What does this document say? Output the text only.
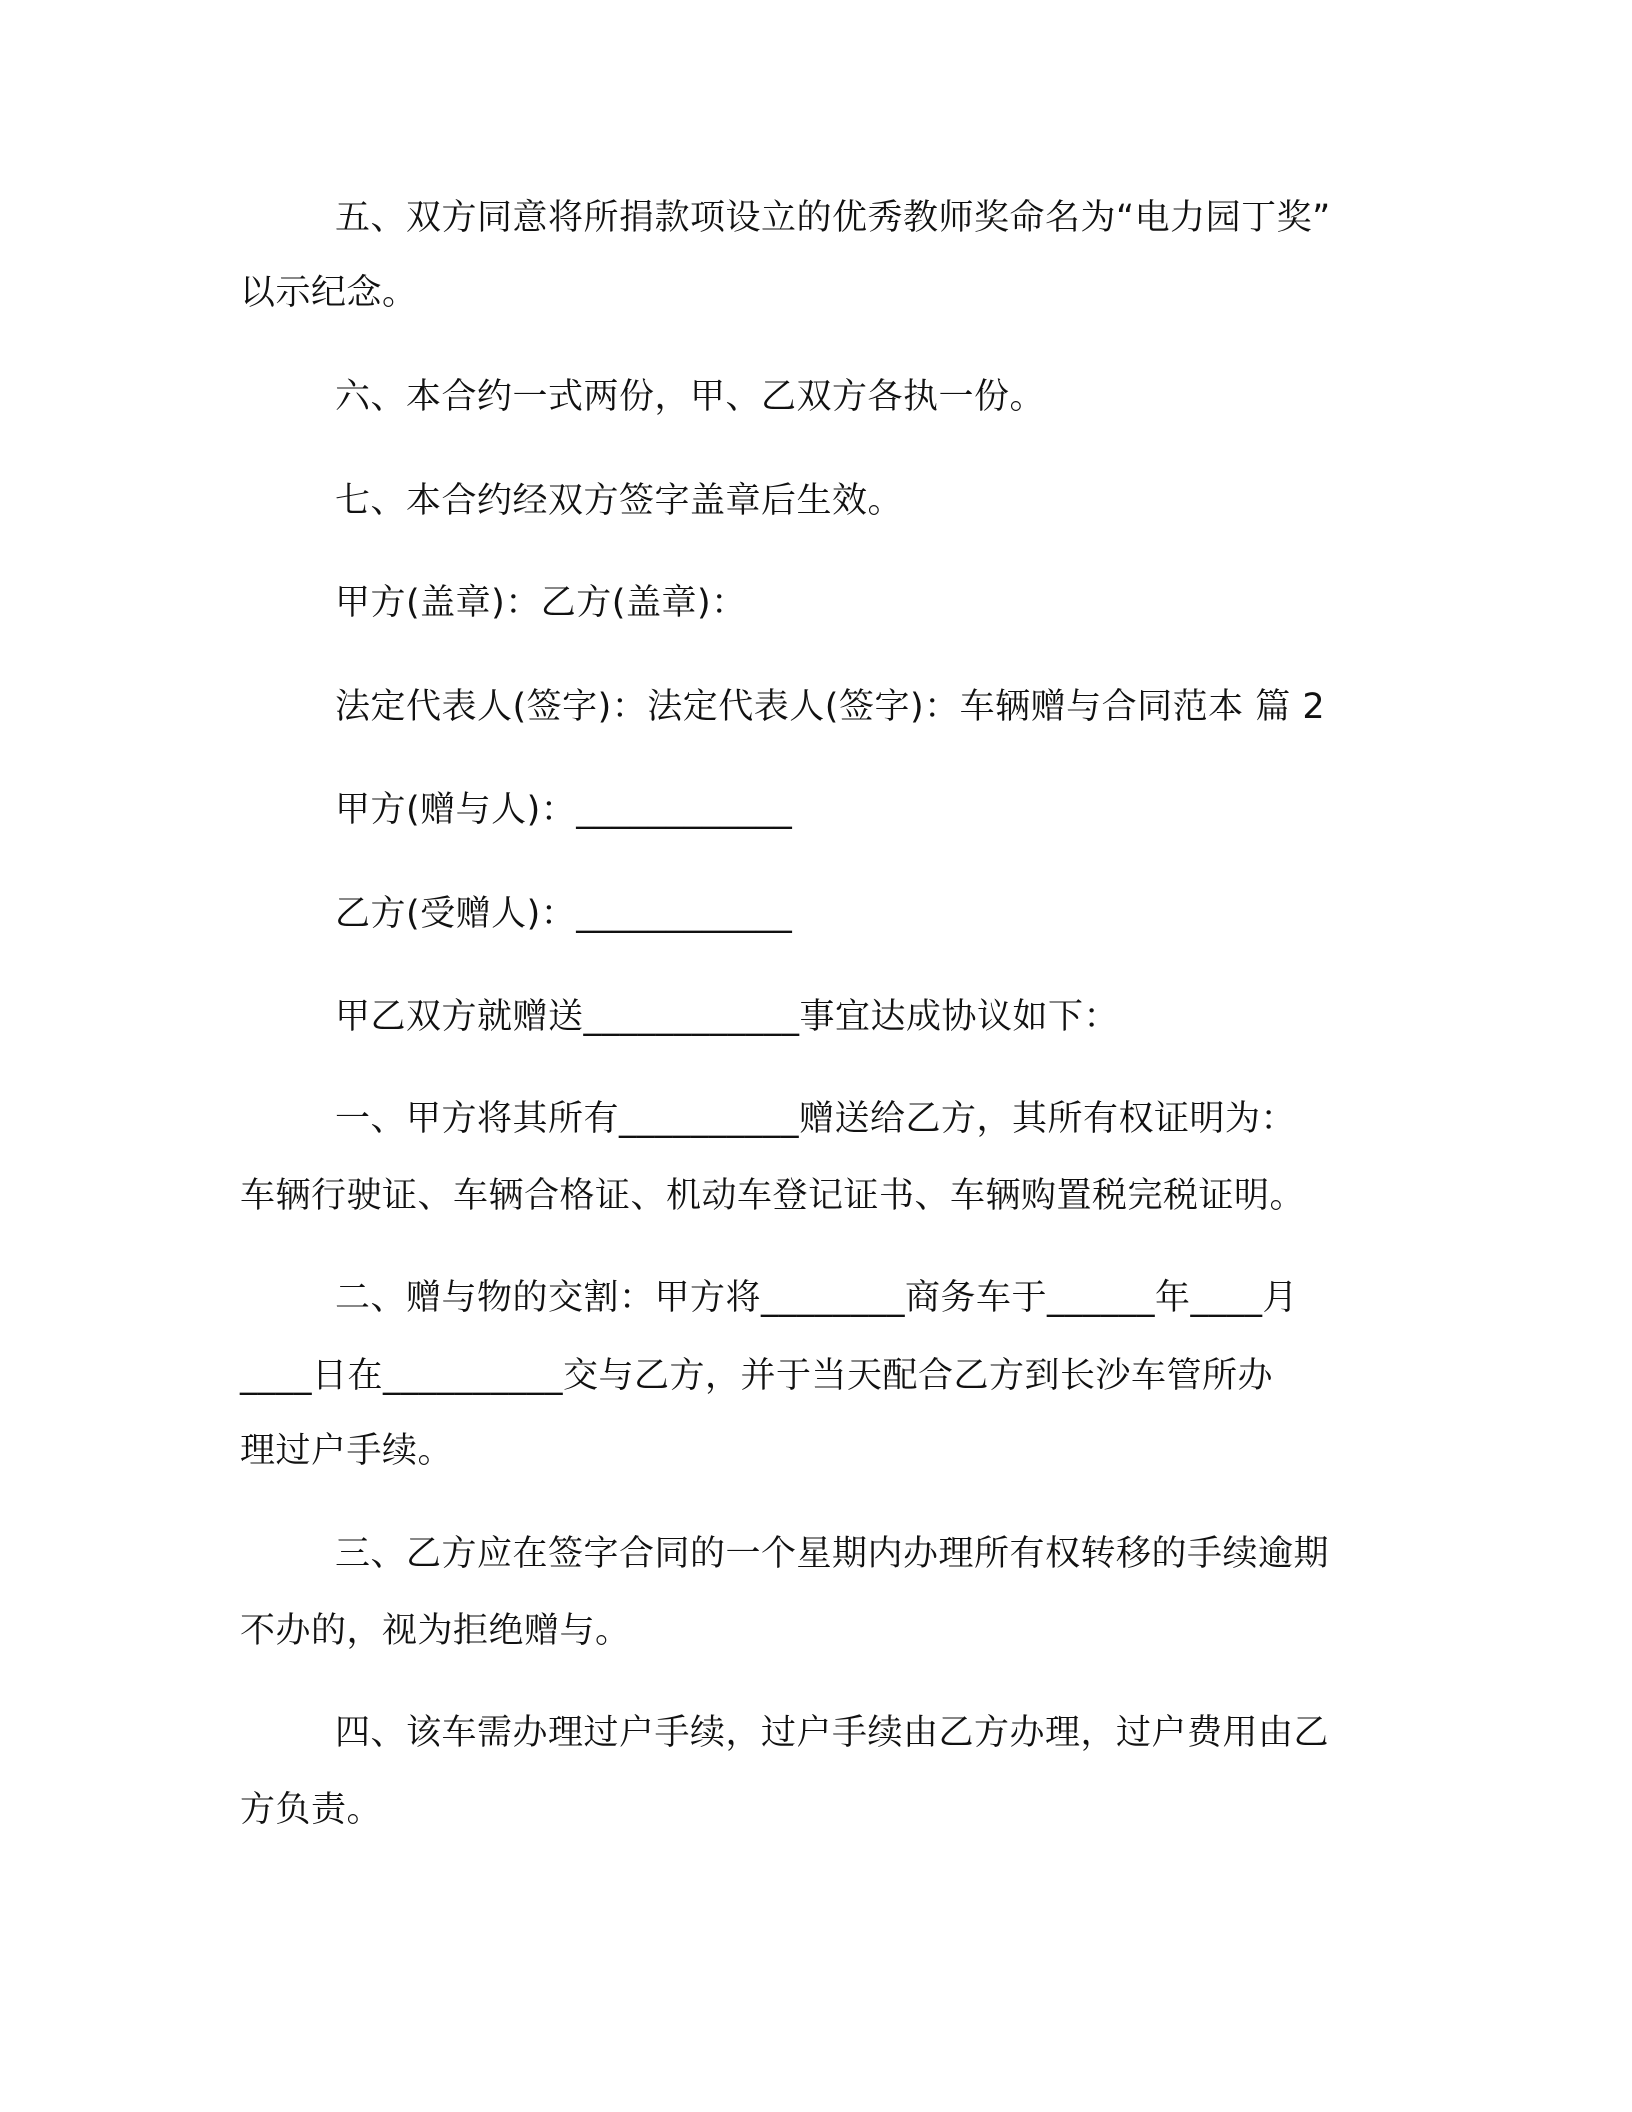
五、双方同意将所捐款项设立的优秀教师奖命名为“电力园丁奖”
以示纪念。
六、本合约一式两份，甲、乙双方各执一份。
七、本合约经双方签字盖章后生效。
甲方(盖章)：乙方(盖章)：
法定代表人(签字)：法定代表人(签字)：车辆赠与合同范本 篇 2
甲方(赠与人)：____________
乙方(受赠人)：____________
甲乙双方就赠送____________事宜达成协议如下：
一、甲方将其所有__________赠送给乙方，其所有权证明为：
车辆行驶证、车辆合格证、机动车登记证书、车辆购置税完税证明。
二、赠与物的交割：甲方将________商务车于______年____月
____日在__________交与乙方，并于当天配合乙方到长沙车管所办
理过户手续。
三、乙方应在签字合同的一个星期内办理所有权转移的手续逾期
不办的，视为拒绝赠与。
四、该车需办理过户手续，过户手续由乙方办理，过户费用由乙
方负责。
